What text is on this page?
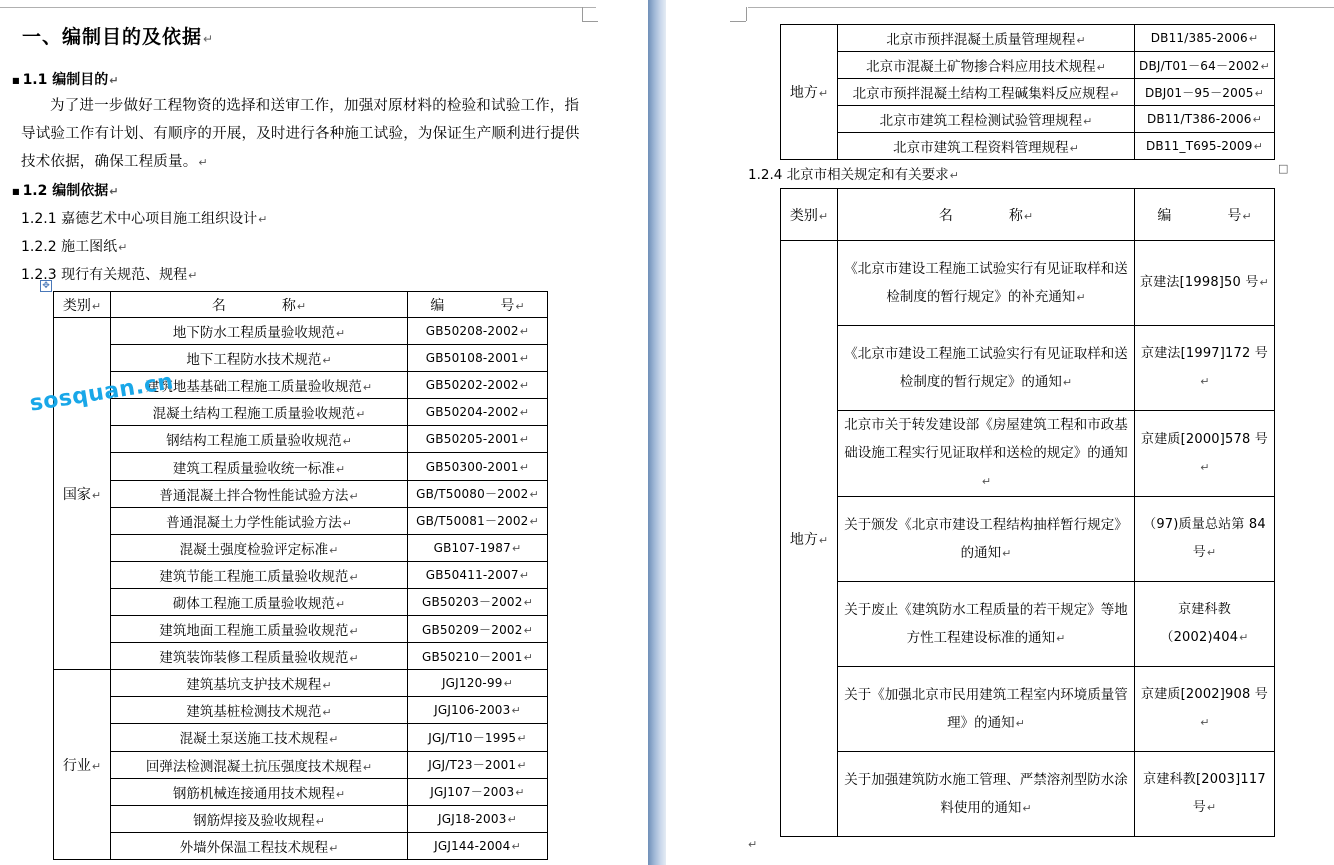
一、编制目的及依据↵
■ 1.1 编制目的↵

为了进一步做好工程物资的选择和送审工作，加强对原材料的检验和试验工作，指导试验工作有计划、有顺序的开展，及时进行各种施工试验，为保证生产顺利进行提供技术依据，确保工程质量。↵

■ 1.2 编制依据↵
1.2.1 嘉德艺术中心项目施工组织设计↵
1.2.2 施工图纸↵
1.2.3 现行有关规范、规程↵
✥
类别↵	名　　　　称↵	编　　　　号↵
国家↵	地下防水工程质量验收规范↵	GB50208-2002↵
	地下工程防水技术规范↵	GB50108-2001↵
	建筑地基基础工程施工质量验收规范↵	GB50202-2002↵
	混凝土结构工程施工质量验收规范↵	GB50204-2002↵
	钢结构工程施工质量验收规范↵	GB50205-2001↵
	建筑工程质量验收统一标准↵	GB50300-2001↵
	普通混凝土拌合物性能试验方法↵	GB/T50080－2002↵
	普通混凝土力学性能试验方法↵	GB/T50081－2002↵
	混凝土强度检验评定标准↵	GB107-1987↵
	建筑节能工程施工质量验收规范↵	GB50411-2007↵
	砌体工程施工质量验收规范↵	GB50203－2002↵
	建筑地面工程施工质量验收规范↵	GB50209－2002↵
	建筑装饰装修工程质量验收规范↵	GB50210－2001↵
行业↵	建筑基坑支护技术规程↵	JGJ120-99↵
	建筑基桩检测技术规范↵	JGJ106-2003↵
	混凝土泵送施工技术规程↵	JGJ/T10－1995↵
	回弹法检测混凝土抗压强度技术规程↵	JGJ/T23－2001↵
	钢筋机械连接通用技术规程↵	JGJ107－2003↵
	钢筋焊接及验收规程↵	JGJ18-2003↵
	外墙外保温工程技术规程↵	JGJ144-2004↵
sosquan.cn
地方↵	北京市预拌混凝土质量管理规程↵	DB11/385-2006↵
	北京市混凝土矿物掺合料应用技术规程↵	DBJ/T01－64－2002↵
	北京市预拌混凝土结构工程碱集料反应规程↵	DBJ01－95－2005↵
	北京市建筑工程检测试验管理规程↵	DB11/T386-2006↵
	北京市建筑工程资料管理规程↵	DB11_T695-2009↵
1.2.4 北京市相关规定和有关要求↵
类别↵	名　　　　称↵	编　　　　号↵
地方↵	《北京市建设工程施工试验实行有见证取样和送检制度的暂行规定》的补充通知↵	京建法[1998]50 号↵
	《北京市建设工程施工试验实行有见证取样和送检制度的暂行规定》的通知↵	京建法[1997]172 号↵
	北京市关于转发建设部《房屋建筑工程和市政基础设施工程实行见证取样和送检的规定》的通知↵	京建质[2000]578 号↵
	关于颁发《北京市建设工程结构抽样暂行规定》的通知↵	（97)质量总站第 84 号↵
	关于废止《建筑防水工程质量的若干规定》等地方性工程建设标准的通知↵	京建科教（2002)404↵
	关于《加强北京市民用建筑工程室内环境质量管理》的通知↵	京建质[2002]908 号↵
	关于加强建筑防水施工管理、严禁溶剂型防水涂料使用的通知↵	京建科教[2003]117 号↵
□
↵
